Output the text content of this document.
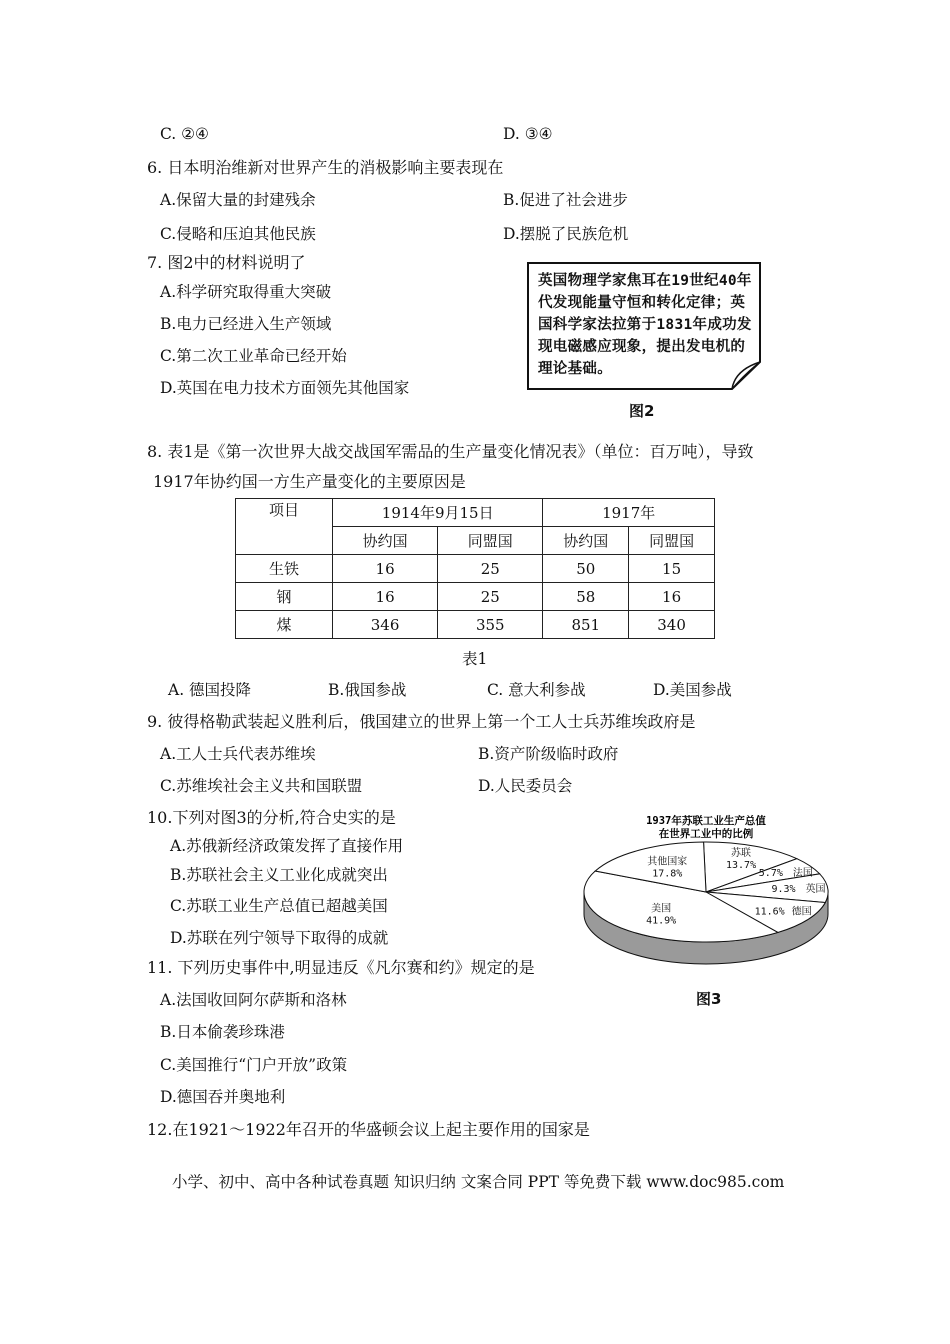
C. ②④	D. ③④
6. 日本明治维新对世界产生的消极影响主要表现在
A.保留大量的封建残余	B.促进了社会进步
C.侵略和压迫其他民族	D.摆脱了民族危机
7. 图2中的材料说明了
A.科学研究取得重大突破
B.电力已经进入生产领域
C.第二次工业革命已经开始
D.英国在电力技术方面领先其他国家
英国物理学家焦耳在19世纪40年代发现能量守恒和转化定律；英国科学家法拉第于1831年成功发现电磁感应现象，提出发电机的理论基础。
图2
8. 表1是《第一次世界大战交战国军需品的生产量变化情况表》（单位：百万吨），导致
1917年协约国一方生产量变化的主要原因是
项目	1914年9月15日		1917年	
	协约国	同盟国	协约国	同盟国
生铁	16	25	50	15
钢	16	25	58	16
煤	346	355	851	340
表1
A. 德国投降	B.俄国参战	C. 意大利参战	D.美国参战
9. 彼得格勒武装起义胜利后，俄国建立的世界上第一个工人士兵苏维埃政府是
A.工人士兵代表苏维埃	B.资产阶级临时政府
C.苏维埃社会主义共和国联盟	D.人民委员会
10.下列对图3的分析,符合史实的是
A.苏俄新经济政策发挥了直接作用
B.苏联社会主义工业化成就突出
C.苏联工业生产总值已超越美国
D.苏联在列宁领导下取得的成就
1937年苏联工业生产总值
在世界工业中的比例
苏联
13.7%
法国
5.7%
英国
9.3%
德国
11.6%
美国
41.9%
其他国家
17.8%
图3
11. 下列历史事件中,明显违反《凡尔赛和约》规定的是
A.法国收回阿尔萨斯和洛林
B.日本偷袭珍珠港
C.美国推行“门户开放”政策
D.德国吞并奥地利
12.在1921～1922年召开的华盛顿会议上起主要作用的国家是
小学、初中、高中各种试卷真题 知识归纳 文案合同 PPT 等免费下载 www.doc985.com
